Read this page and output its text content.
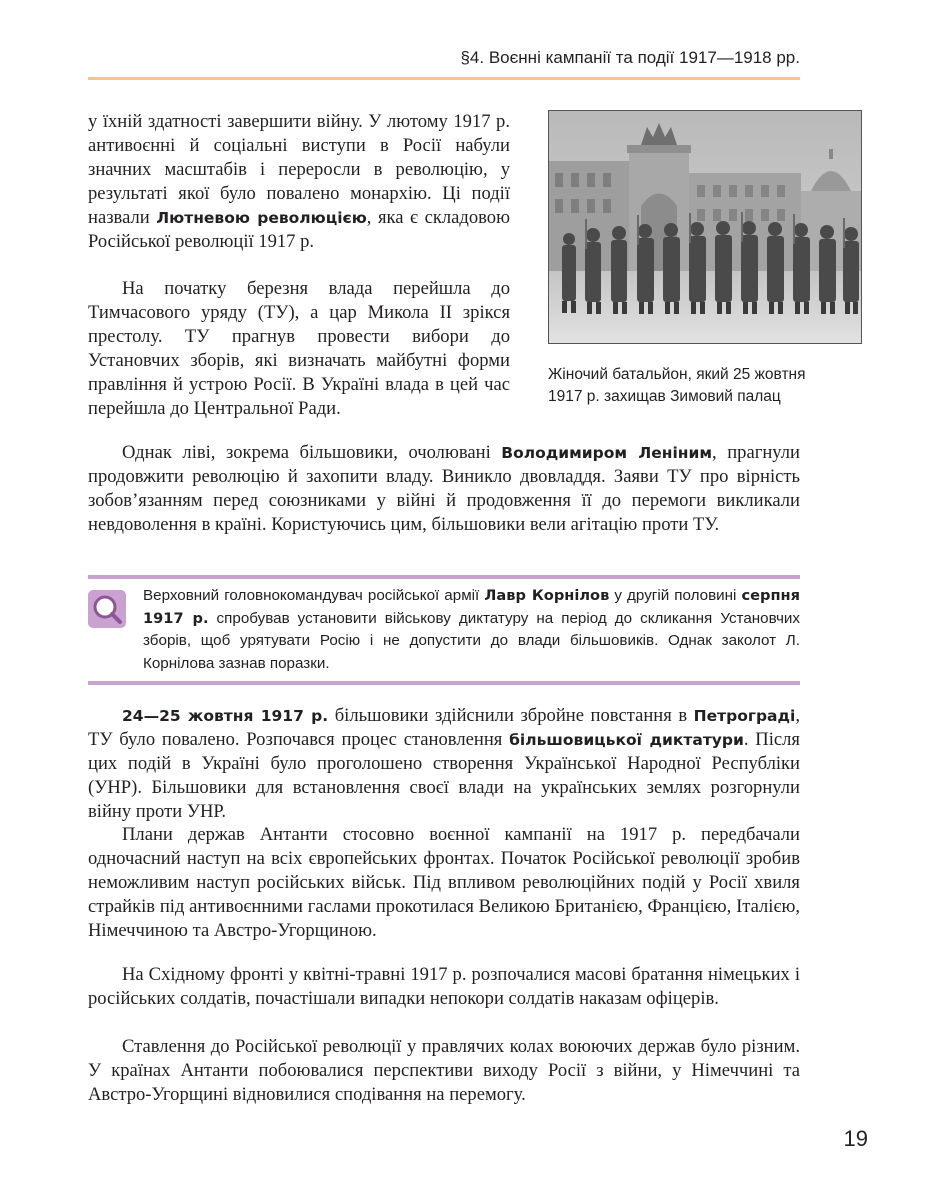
§4. Воєнні кампанії та події 1917—1918 рр.

у їхній здатності завершити війну. У лютому 1917 р. антивоєнні й соціальні виступи в Росії набули значних масштабів і переросли в революцію, у результаті якої було повалено монархію. Ці події назвали Лютневою революцією, яка є складовою Російської революції 1917 р.

На початку березня влада перейшла до Тимчасового уряду (ТУ), а цар Микола II зрікся престолу. ТУ прагнув провести вибори до Установчих зборів, які визначать майбутні форми правління й устрою Росії. В Україні влада в цей час перейшла до Центральної Ради.

Жіночий батальйон, який 25 жовтня
1917 р. захищав Зимовий палац

Однак ліві, зокрема більшовики, очолювані Володимиром Леніним, прагнули продовжити революцію й захопити владу. Виникло двовладдя. Заяви ТУ про вірність зобов’язанням перед союзниками у війні й продовження її до перемоги викликали невдоволення в країні. Користуючись цим, більшовики вели агітацію проти ТУ.

Верховний головнокомандувач російської армії Лавр Корнілов у другій половині серпня 1917 р. спробував установити військову диктатуру на період до скликання Установчих зборів, щоб урятувати Росію і не допустити до влади більшовиків. Однак заколот Л. Корнілова зазнав поразки.

24—25 жовтня 1917 р. більшовики здійснили збройне повстання в Петрограді, ТУ було повалено. Розпочався процес становлення більшовицької диктатури. Після цих подій в Україні було проголошено створення Української Народної Республіки (УНР). Більшовики для встановлення своєї влади на українських землях розгорнули війну проти УНР.

Плани держав Антанти стосовно воєнної кампанії на 1917 р. передбачали одночасний наступ на всіх європейських фронтах. Початок Російської революції зробив неможливим наступ російських військ. Під впливом революційних подій у Росії хвиля страйків під антивоєнними гаслами прокотилася Великою Британією, Францією, Італією, Німеччиною та Австро-Угорщиною.

На Східному фронті у квітні-травні 1917 р. розпочалися масові братання німецьких і російських солдатів, почастішали випадки непокори солдатів наказам офіцерів.

Ставлення до Російської революції у правлячих колах воюючих держав було різним. У країнах Антанти побоювалися перспективи виходу Росії з війни, у Німеччині та Австро-Угорщині відновилися сподівання на перемогу.

19
